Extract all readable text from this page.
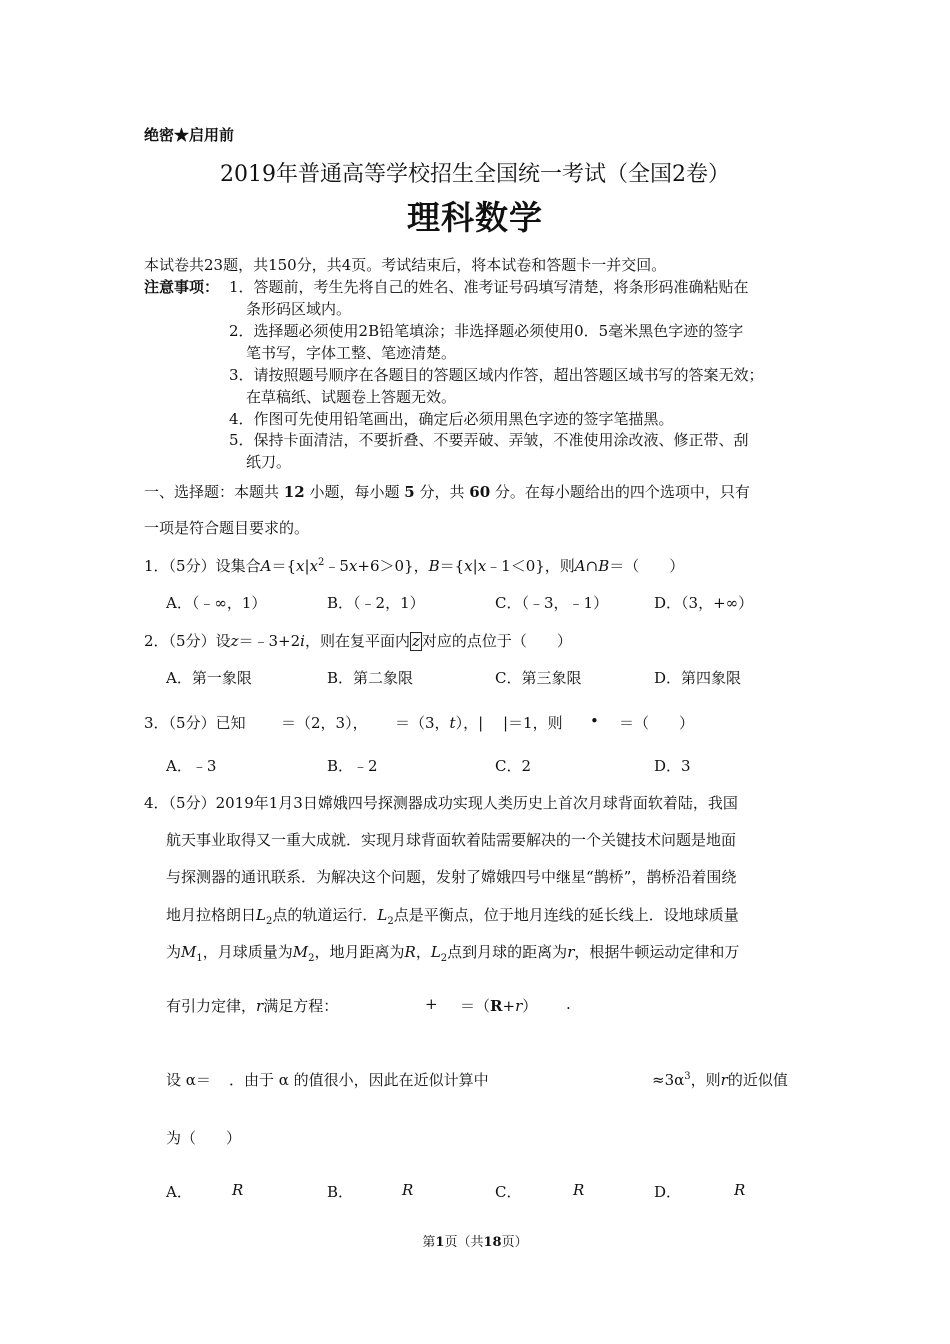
绝密★启用前
2019年普通高等学校招生全国统一考试（全国2卷）
理科数学
本试卷共23题，共150分，共4页。考试结束后，将本试卷和答题卡一并交回。
注意事项： 1．答题前，考生先将自己的姓名、准考证号码填写清楚，将条形码准确粘贴在
条形码区域内。
2．选择题必须使用2B铅笔填涂；非选择题必须使用0．5毫米黑色字迹的签字
笔书写，字体工整、笔迹清楚。
3．请按照题号顺序在各题目的答题区域内作答，超出答题区域书写的答案无效；
在草稿纸、试题卷上答题无效。
4．作图可先使用铅笔画出，确定后必须用黑色字迹的签字笔描黑。
5．保持卡面清洁，不要折叠、不要弄破、弄皱，不准使用涂改液、修正带、刮
纸刀。
一、选择题：本题共 12 小题，每小题 5 分，共 60 分。在每小题给出的四个选项中，只有
一项是符合题目要求的。
1．（5分）设集合$A=\{x|x^2﹣5x+6>0\}$，B＝{x|x﹣1＜0}，则A∩B＝（　　）
A．（﹣∞，1）	B．（﹣2，1）	C．（﹣3，﹣1）	D．（3，+∞）
2．（5分）设z＝﹣3+2i，则在复平面内 z 对应的点位于（　　）
A．第一象限	B．第二象限	C．第三象限	D．第四象限
3．（5分）已知 ＝（2，3）， ＝（3，t），| |＝1，则 • ＝（　　）
A．﹣3	B．﹣2	C．2	D．3
4．（5分）2019年1月3日嫦娥四号探测器成功实现人类历史上首次月球背面软着陆，我国
航天事业取得又一重大成就．实现月球背面软着陆需要解决的一个关键技术问题是地面
与探测器的通讯联系．为解决这个问题，发射了嫦娥四号中继星“鹊桥”，鹊桥沿着围绕
地月拉格朗日$L_2$点的轨道运行．$L_2$点是平衡点，位于地月连线的延长线上．设地球质量
为$M_1$，月球质量为$M_2$，地月距离为R，$L_2$点到月球的距离为r，根据牛顿运动定律和万
有引力定律，r满足方程：	+ ＝（R+r） .
设 α＝ ．由于 α 的值很小，因此在近似计算中	$\approx 3\alpha^3$，则r的近似值
为（　　）
A．	R	B．	R	C．	R	D．	R
第1页（共18页）
